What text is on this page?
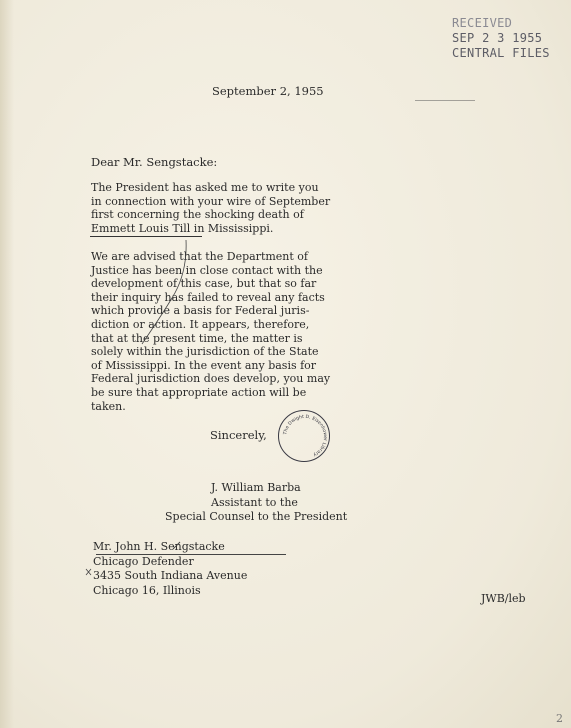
RECEIVED
SEP 2 3 1955
CENTRAL FILES
September 2, 1955
Dear Mr. Sengstacke:
The President has asked me to write you
in connection with your wire of September
first concerning the shocking death of
Emmett Louis Till in Mississippi.
We are advised that the Department of
Justice has been in close contact with the
development of this case, but that so far
their inquiry has failed to reveal any facts
which provide a basis for Federal juris-
diction or action. It appears, therefore,
that at the present time, the matter is
solely within the jurisdiction of the State
of Mississippi. In the event any basis for
Federal jurisdiction does develop, you may
be sure that appropriate action will be
taken.
Sincerely,	The Dwight D. Eisenhower Library
J. William Barba
Assistant to the
Special Counsel to the President
Mr. John H. Sengstacke
Chicago Defender
3435 South Indiana Avenue
Chicago 16, Illinois
JWB/leb
2
